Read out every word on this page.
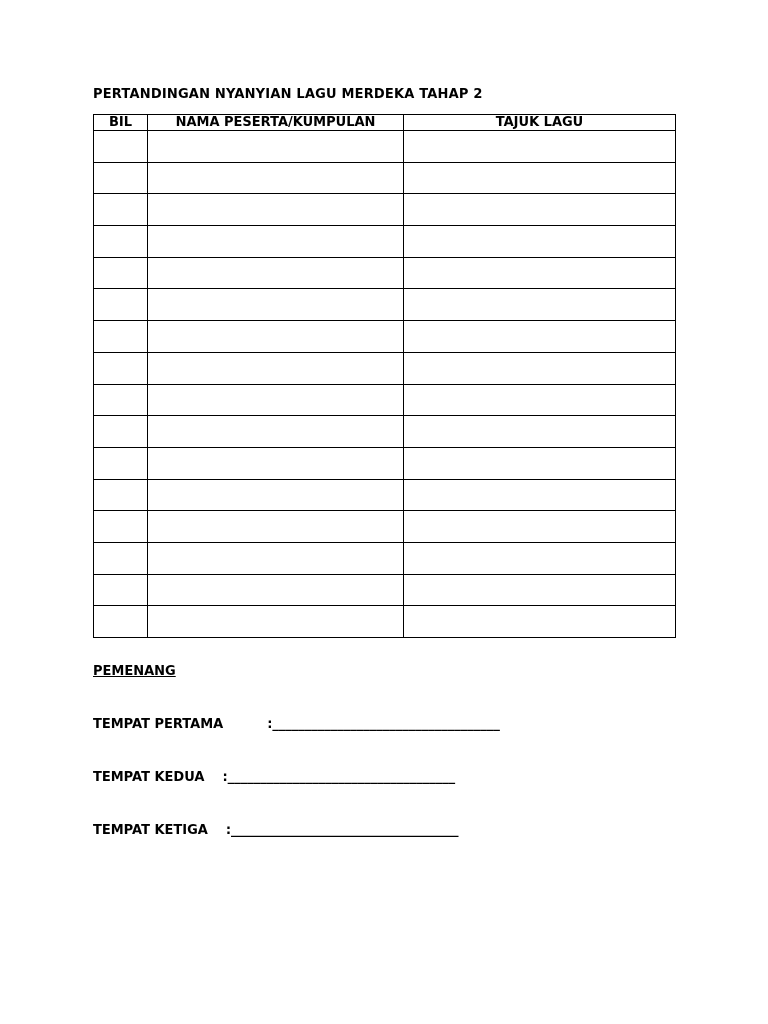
PERTANDINGAN NYANYIAN LAGU MERDEKA TAHAP 2
BIL	NAMA PESERTA/KUMPULAN	TAJUK LAGU

PEMENANG
TEMPAT PERTAMA	:___________________________________
TEMPAT KEDUA :___________________________________
TEMPAT KETIGA :___________________________________
